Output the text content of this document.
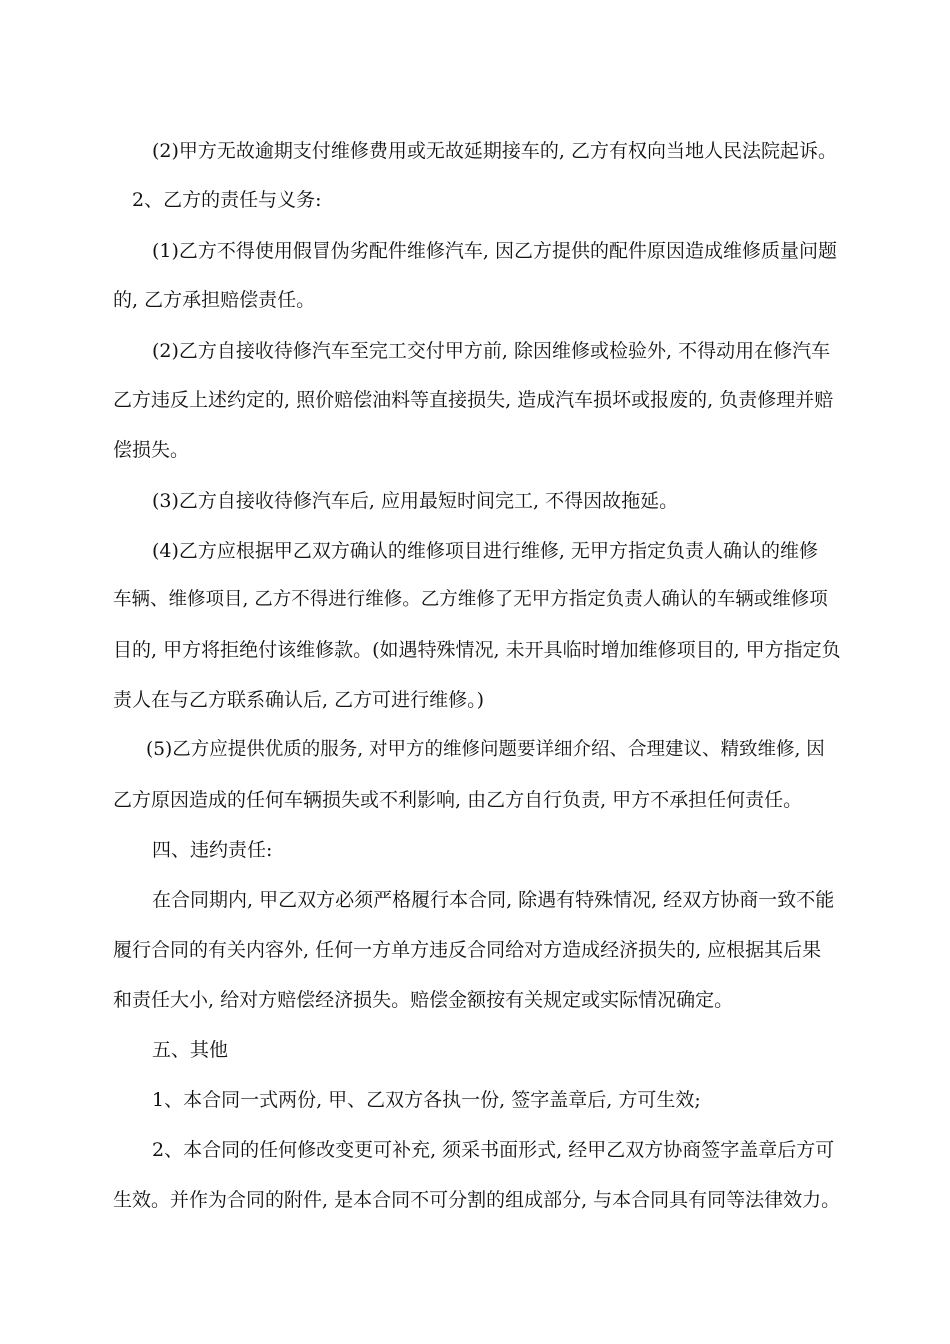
(2)甲方无故逾期支付维修费用或无故延期接车的, 乙方有权向当地人民法院起诉。

2、乙方的责任与义务:

(1)乙方不得使用假冒伪劣配件维修汽车, 因乙方提供的配件原因造成维修质量问题

的, 乙方承担赔偿责任。

(2)乙方自接收待修汽车至完工交付甲方前, 除因维修或检验外, 不得动用在修汽车

乙方违反上述约定的, 照价赔偿油料等直接损失, 造成汽车损坏或报废的, 负责修理并赔

偿损失。

(3)乙方自接收待修汽车后, 应用最短时间完工, 不得因故拖延。

(4)乙方应根据甲乙双方确认的维修项目进行维修, 无甲方指定负责人确认的维修

车辆、维修项目, 乙方不得进行维修。乙方维修了无甲方指定负责人确认的车辆或维修项

目的, 甲方将拒绝付该维修款。(如遇特殊情况, 未开具临时增加维修项目的, 甲方指定负

责人在与乙方联系确认后, 乙方可进行维修。)

(5)乙方应提供优质的服务, 对甲方的维修问题要详细介绍、合理建议、精致维修, 因

乙方原因造成的任何车辆损失或不利影响, 由乙方自行负责, 甲方不承担任何责任。

四、违约责任:

在合同期内, 甲乙双方必须严格履行本合同, 除遇有特殊情况, 经双方协商一致不能

履行合同的有关内容外, 任何一方单方违反合同给对方造成经济损失的, 应根据其后果

和责任大小, 给对方赔偿经济损失。赔偿金额按有关规定或实际情况确定。

五、其他

1、本合同一式两份, 甲、乙双方各执一份, 签字盖章后, 方可生效;

2、本合同的任何修改变更可补充, 须采书面形式, 经甲乙双方协商签字盖章后方可

生效。并作为合同的附件, 是本合同不可分割的组成部分, 与本合同具有同等法律效力。
